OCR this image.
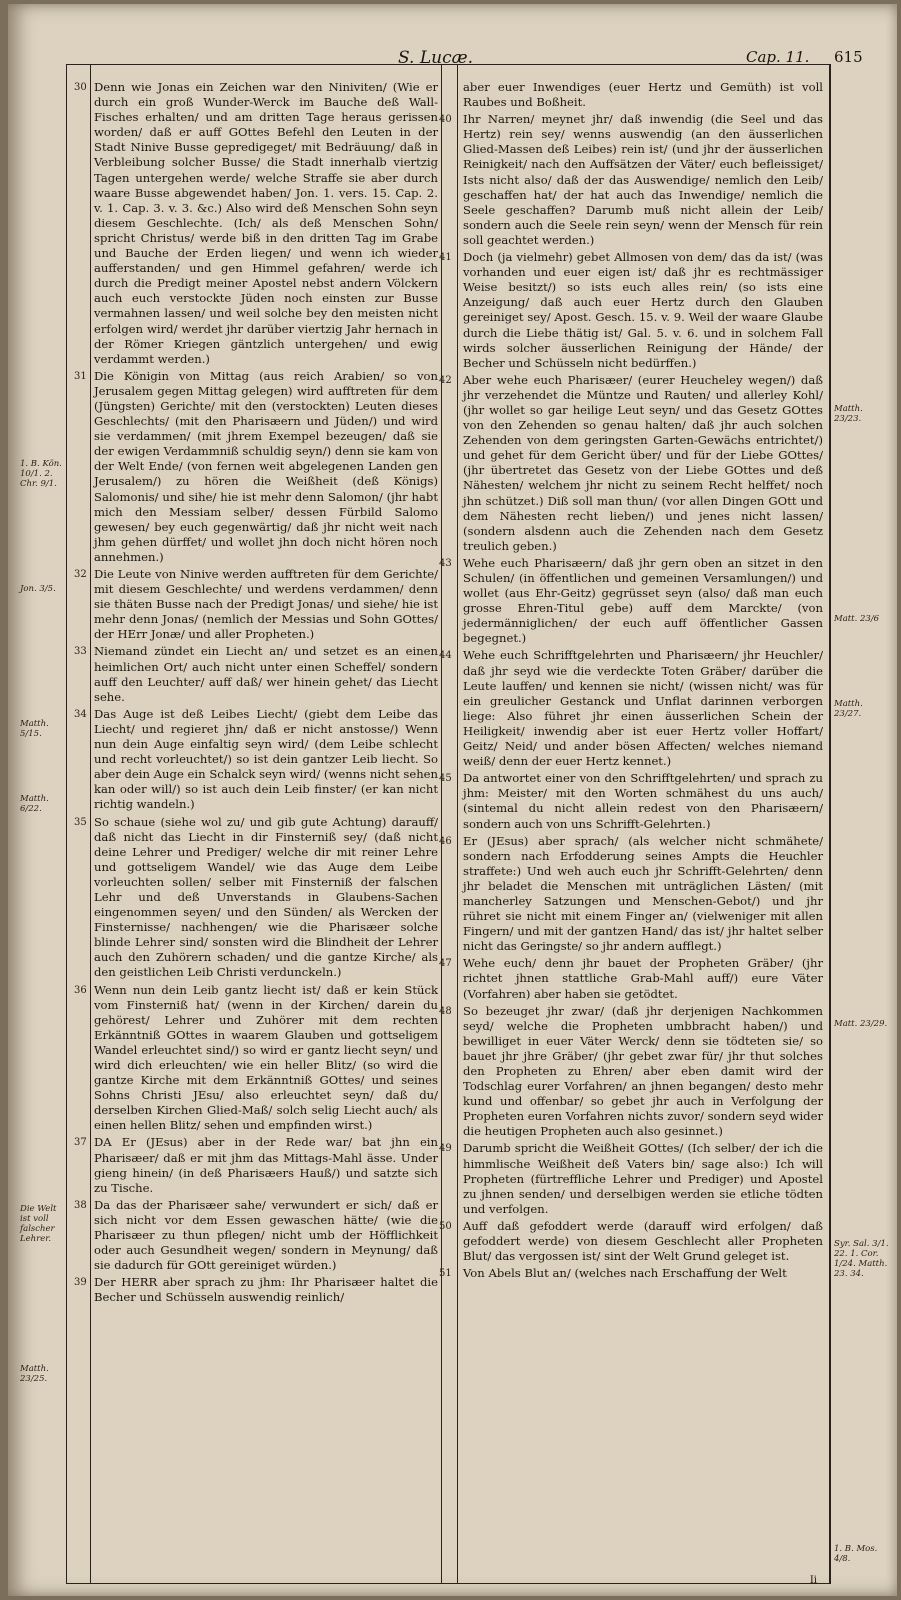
S. Lucæ.	Cap. 11. 615

30 Denn wie Jonas ein Zeichen war den Niniviten/ (Wie er durch ein groß Wunder-Werck im Bauche deß Wall-Fisches erhalten/ und am dritten Tage heraus gerissen worden/ daß er auff GOttes Befehl den Leuten in der Stadt Ninive Busse gepredigeget/ mit Bedräuung/ daß in Verbleibung solcher Busse/ die Stadt innerhalb viertzig Tagen untergehen werde/ welche Straffe sie aber durch waare Busse abgewendet haben/ Jon. 1. vers. 15. Cap. 2. v. 1. Cap. 3. v. 3. &c.) Also wird deß Menschen Sohn seyn diesem Geschlechte. (Ich/ als deß Menschen Sohn/ spricht Christus/ werde biß in den dritten Tag im Grabe und Bauche der Erden liegen/ und wenn ich wieder aufferstanden/ und gen Himmel gefahren/ werde ich durch die Predigt meiner Apostel nebst andern Völckern auch euch verstockte Jüden noch einsten zur Busse vermahnen lassen/ und weil solche bey den meisten nicht erfolgen wird/ werdet jhr darüber viertzig Jahr hernach in der Römer Kriegen gäntzlich untergehen/ und ewig verdammt werden.)

31 Die Königin von Mittag (aus reich Arabien/ so von Jerusalem gegen Mittag gelegen) wird aufftreten für dem (Jüngsten) Gerichte/ mit den (verstockten) Leuten dieses Geschlechts/ (mit den Pharisæern und Jüden/) und wird sie verdammen/ (mit jhrem Exempel bezeugen/ daß sie der ewigen Verdammniß schuldig seyn/) denn sie kam von der Welt Ende/ (von fernen weit abgelegenen Landen gen Jerusalem/) zu hören die Weißheit (deß Königs) Salomonis/ und sihe/ hie ist mehr denn Salomon/ (jhr habt mich den Messiam selber/ dessen Fürbild Salomo gewesen/ bey euch gegenwärtig/ daß jhr nicht weit nach jhm gehen dürffet/ und wollet jhn doch nicht hören noch annehmen.)

32 Die Leute von Ninive werden aufftreten für dem Gerichte/ mit diesem Geschlechte/ und werdens verdammen/ denn sie thäten Busse nach der Predigt Jonas/ und siehe/ hie ist mehr denn Jonas/ (nemlich der Messias und Sohn GOttes/ der HErr Jonæ/ und aller Propheten.)

33 Niemand zündet ein Liecht an/ und setzet es an einen heimlichen Ort/ auch nicht unter einen Scheffel/ sondern auff den Leuchter/ auff daß/ wer hinein gehet/ das Liecht sehe.

34 Das Auge ist deß Leibes Liecht/ (giebt dem Leibe das Liecht/ und regieret jhn/ daß er nicht anstosse/) Wenn nun dein Auge einfaltig seyn wird/ (dem Leibe schlecht und recht vorleuchtet/) so ist dein gantzer Leib liecht. So aber dein Auge ein Schalck seyn wird/ (wenns nicht sehen kan oder will/) so ist auch dein Leib finster/ (er kan nicht richtig wandeln.)

35 So schaue (siehe wol zu/ und gib gute Achtung) darauff/ daß nicht das Liecht in dir Finsterniß sey/ (daß nicht deine Lehrer und Prediger/ welche dir mit reiner Lehre und gottseligem Wandel/ wie das Auge dem Leibe vorleuchten sollen/ selber mit Finsterniß der falschen Lehr und deß Unverstands in Glaubens-Sachen eingenommen seyen/ und den Sünden/ als Wercken der Finsternisse/ nachhengen/ wie die Pharisæer solche blinde Lehrer sind/ sonsten wird die Blindheit der Lehrer auch den Zuhörern schaden/ und die gantze Kirche/ als den geistlichen Leib Christi verdunckeln.)

36 Wenn nun dein Leib gantz liecht ist/ daß er kein Stück vom Finsterniß hat/ (wenn in der Kirchen/ darein du gehörest/ Lehrer und Zuhörer mit dem rechten Erkänntniß GOttes in waarem Glauben und gottseligem Wandel erleuchtet sind/) so wird er gantz liecht seyn/ und wird dich erleuchten/ wie ein heller Blitz/ (so wird die gantze Kirche mit dem Erkänntniß GOttes/ und seines Sohns Christi JEsu/ also erleuchtet seyn/ daß du/ derselben Kirchen Glied-Maß/ solch selig Liecht auch/ als einen hellen Blitz/ sehen und empfinden wirst.)

37 DA Er (JEsus) aber in der Rede war/ bat jhn ein Pharisæer/ daß er mit jhm das Mittags-Mahl ässe. Under gieng hinein/ (in deß Pharisæers Hauß/) und satzte sich zu Tische.

38 Da das der Pharisæer sahe/ verwundert er sich/ daß er sich nicht vor dem Essen gewaschen hätte/ (wie die Pharisæer zu thun pflegen/ nicht umb der Höfflichkeit oder auch Gesundheit wegen/ sondern in Meynung/ daß sie dadurch für GOtt gereiniget würden.)

39 Der HERR aber sprach zu jhm: Ihr Pharisæer haltet die Becher und Schüsseln auswendig reinlich/

aber euer Inwendiges (euer Hertz und Gemüth) ist voll Raubes und Boßheit.

40 Ihr Narren/ meynet jhr/ daß inwendig (die Seel und das Hertz) rein sey/ wenns auswendig (an den äusserlichen Glied-Massen deß Leibes) rein ist/ (und jhr der äusserlichen Reinigkeit/ nach den Auffsätzen der Väter/ euch befleissiget/ Ists nicht also/ daß der das Auswendige/ nemlich den Leib/ geschaffen hat/ der hat auch das Inwendige/ nemlich die Seele geschaffen? Darumb muß nicht allein der Leib/ sondern auch die Seele rein seyn/ wenn der Mensch für rein soll geachtet werden.)

41 Doch (ja vielmehr) gebet Allmosen von dem/ das da ist/ (was vorhanden und euer eigen ist/ daß jhr es rechtmässiger Weise besitzt/) so ists euch alles rein/ (so ists eine Anzeigung/ daß auch euer Hertz durch den Glauben gereiniget sey/ Apost. Gesch. 15. v. 9. Weil der waare Glaube durch die Liebe thätig ist/ Gal. 5. v. 6. und in solchem Fall wirds solcher äusserlichen Reinigung der Hände/ der Becher und Schüsseln nicht bedürffen.)

42 Aber wehe euch Pharisæer/ (eurer Heucheley wegen/) daß jhr verzehendet die Müntze und Rauten/ und allerley Kohl/ (jhr wollet so gar heilige Leut seyn/ und das Gesetz GOttes von den Zehenden so genau halten/ daß jhr auch solchen Zehenden von dem geringsten Garten-Gewächs entrichtet/) und gehet für dem Gericht über/ und für der Liebe GOttes/ (jhr übertretet das Gesetz von der Liebe GOttes und deß Nähesten/ welchem jhr nicht zu seinem Recht helffet/ noch jhn schützet.) Diß soll man thun/ (vor allen Dingen GOtt und dem Nähesten recht lieben/) und jenes nicht lassen/ (sondern alsdenn auch die Zehenden nach dem Gesetz treulich geben.)

43 Wehe euch Pharisæern/ daß jhr gern oben an sitzet in den Schulen/ (in öffentlichen und gemeinen Versamlungen/) und wollet (aus Ehr-Geitz) gegrüsset seyn (also/ daß man euch grosse Ehren-Titul gebe) auff dem Marckte/ (von jedermänniglichen/ der euch auff öffentlicher Gassen begegnet.)

44 Wehe euch Schrifftgelehrten und Pharisæern/ jhr Heuchler/ daß jhr seyd wie die verdeckte Toten Gräber/ darüber die Leute lauffen/ und kennen sie nicht/ (wissen nicht/ was für ein greulicher Gestanck und Unflat darinnen verborgen liege: Also führet jhr einen äusserlichen Schein der Heiligkeit/ inwendig aber ist euer Hertz voller Hoffart/ Geitz/ Neid/ und ander bösen Affecten/ welches niemand weiß/ denn der euer Hertz kennet.)

45 Da antwortet einer von den Schrifftgelehrten/ und sprach zu jhm: Meister/ mit den Worten schmähest du uns auch/ (sintemal du nicht allein redest von den Pharisæern/ sondern auch von uns Schrifft-Gelehrten.)

46 Er (JEsus) aber sprach/ (als welcher nicht schmähete/ sondern nach Erfodderung seines Ampts die Heuchler straffete:) Und weh auch euch jhr Schrifft-Gelehrten/ denn jhr beladet die Menschen mit unträglichen Lästen/ (mit mancherley Satzungen und Menschen-Gebot/) und jhr rühret sie nicht mit einem Finger an/ (vielweniger mit allen Fingern/ und mit der gantzen Hand/ das ist/ jhr haltet selber nicht das Geringste/ so jhr andern aufflegt.)

47 Wehe euch/ denn jhr bauet der Propheten Gräber/ (jhr richtet jhnen stattliche Grab-Mahl auff/) eure Väter (Vorfahren) aber haben sie getödtet.

48 So bezeuget jhr zwar/ (daß jhr derjenigen Nachkommen seyd/ welche die Propheten umbbracht haben/) und bewilliget in euer Väter Werck/ denn sie tödteten sie/ so bauet jhr jhre Gräber/ (jhr gebet zwar für/ jhr thut solches den Propheten zu Ehren/ aber eben damit wird der Todschlag eurer Vorfahren/ an jhnen begangen/ desto mehr kund und offenbar/ so gebet jhr auch in Verfolgung der Propheten euren Vorfahren nichts zuvor/ sondern seyd wider die heutigen Propheten auch also gesinnet.)

49 Darumb spricht die Weißheit GOttes/ (Ich selber/ der ich die himmlische Weißheit deß Vaters bin/ sage also:) Ich will Propheten (fürtreffliche Lehrer und Prediger) und Apostel zu jhnen senden/ und derselbigen werden sie etliche tödten und verfolgen.

50 Auff daß gefoddert werde (darauff wird erfolgen/ daß gefoddert werde) von diesem Geschlecht aller Propheten Blut/ das vergossen ist/ sint der Welt Grund geleget ist.

51 Von Abels Blut an/ (welches nach Erschaffung der Welt

1. B. Kön. 10/1. 2. Chr. 9/1.
Jon. 3/5.
Matth. 5/15.
Matth. 6/22.
Die Welt ist voll falscher Lehrer.
Matth. 23/25.
Matth. 23/23.
Matt. 23/6
Matth. 23/27.
Matt. 23/29.
Syr. Sal. 3/1. 22. 1. Cor. 1/24. Matth. 23. 34.
1. B. Mos. 4/8.
Ii
